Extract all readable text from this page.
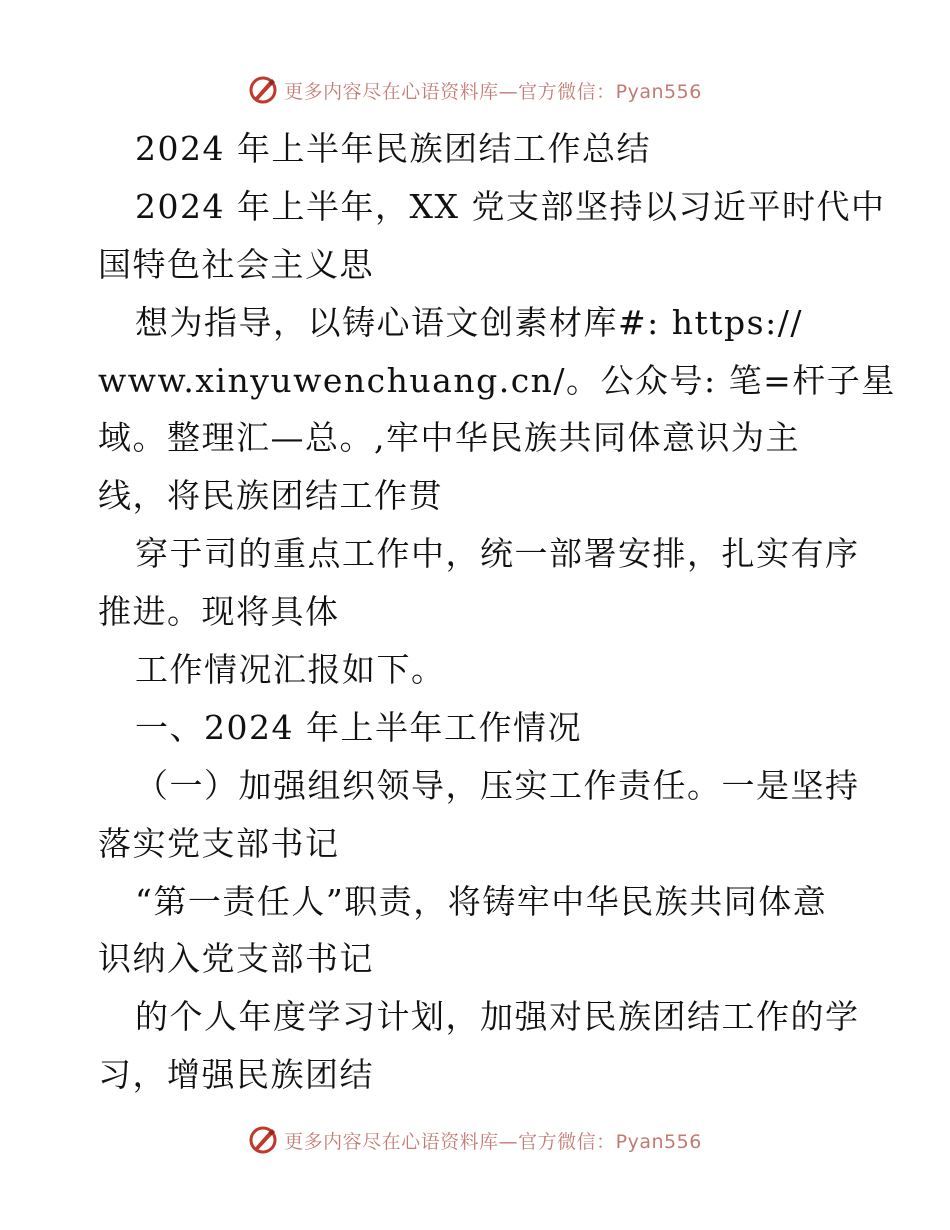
更多内容尽在心语资料库—官方微信：Pyan556
2024 年上半年民族团结工作总结
2024 年上半年，XX 党支部坚持以习近平时代中
国特色社会主义思
想为指导，以铸心语文创素材库#: https://
www.xinyuwenchuang.cn/。公众号: 笔=杆子星
域。整理汇—总。,牢中华民族共同体意识为主
线，将民族团结工作贯
穿于司的重点工作中，统一部署安排，扎实有序
推进。现将具体
工作情况汇报如下。
一、2024 年上半年工作情况
（一）加强组织领导，压实工作责任。一是坚持
落实党支部书记
“第一责任人”职责，将铸牢中华民族共同体意
识纳入党支部书记
的个人年度学习计划，加强对民族团结工作的学
习，增强民族团结
更多内容尽在心语资料库—官方微信：Pyan556
